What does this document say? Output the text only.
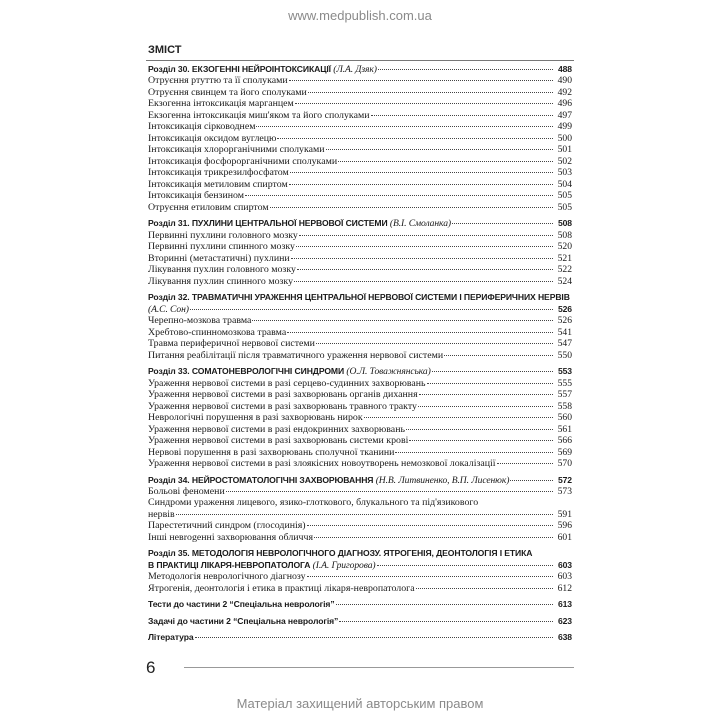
www.medpublish.com.ua
ЗМІСТ
Розділ 30. ЕКЗОГЕННІ НЕЙРОІНТОКСИКАЦІЇ (Л.А. Дзяк)	488
Отруєння ртуттю та її сполуками	490
Отруєння свинцем та його сполуками	492
Екзогенна інтоксикація марганцем	496
Екзогенна інтоксикація миш'яком та його сполуками	497
Інтоксикація сірководнем	499
Інтоксикація оксидом вуглецю	500
Інтоксикація хлорорганічними сполуками	501
Інтоксикація фосфорорганічними сполуками	502
Інтоксикація трикрезилфосфатом	503
Інтоксикація метиловим спиртом	504
Інтоксикація бензином	505
Отруєння етиловим спиртом	505
Розділ 31. ПУХЛИНИ ЦЕНТРАЛЬНОЇ НЕРВОВОЇ СИСТЕМИ (В.І. Смоланка)	508
Первинні пухлини головного мозку	508
Первинні пухлини спинного мозку	520
Вторинні (метастатичні) пухлини	521
Лікування пухлин головного мозку	522
Лікування пухлин спинного мозку	524
Розділ 32. ТРАВМАТИЧНІ УРАЖЕННЯ ЦЕНТРАЛЬНОЇ НЕРВОВОЇ СИСТЕМИ І ПЕРИФЕРИЧНИХ НЕРВІВ
(А.С. Сон)	526
Черепно-мозкова травма	526
Хребтово-спинномозкова травма	541
Травма периферичної нервової системи	547
Питання реабілітації після травматичного ураження нервової системи	550
Розділ 33. СОМАТОНЕВРОЛОГІЧНІ СИНДРОМИ (О.Л. Товажнянська)	553
Ураження нервової системи в разі серцево-судинних захворювань	555
Ураження нервової системи в разі захворювань органів дихання	557
Ураження нервової системи в разі захворювань травного тракту	558
Неврологічні порушення в разі захворювань нирок	560
Ураження нервової системи в разі ендокринних захворювань	561
Ураження нервової системи в разі захворювань системи крові	566
Нервові порушення в разі захворювань сполучної тканини	569
Ураження нервової системи в разі злоякісних новоутворень немозкової локалізації	570
Розділ 34. НЕЙРОСТОМАТОЛОГІЧНІ ЗАХВОРЮВАННЯ (Н.В. Литвиненко, В.П. Лисенюк)	572
Больові феномени	573
Синдроми ураження лицевого, язико-глоткового, блукального та під'язикового
нервів	591
Парестетичний синдром (глосодинія)	596
Інші невrogенні захворювання обличчя	601
Розділ 35. МЕТОДОЛОГІЯ НЕВРОЛОГІЧНОГО ДІАГНОЗУ. ЯТРОГЕНІЯ, ДЕОНТОЛОГІЯ І ЕТИКА
В ПРАКТИЦІ ЛІКАРЯ-НЕВРОПАТОЛОГА (І.А. Григорова)	603
Методологія неврологічного діагнозу	603
Ятрогенія, деонтологія і етика в практиці лікаря-невропатолога	612
Тести до частини 2 “Спеціальна неврологія”	613
Задачі до частини 2 “Спеціальна неврологія”	623
Література	638
6
Матеріал захищений авторським правом
